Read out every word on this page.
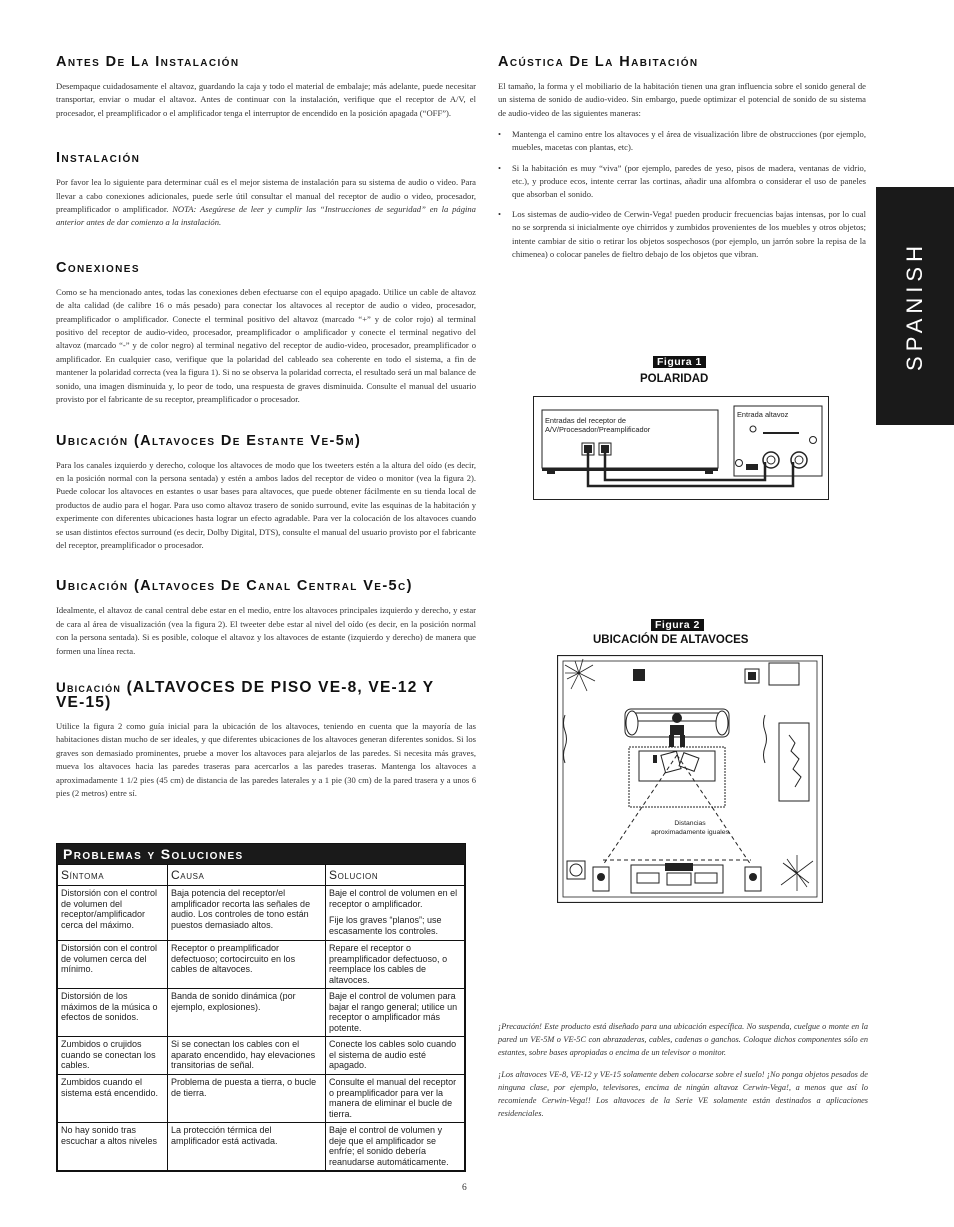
Antes De La Instalación

Desempaque cuidadosamente el altavoz, guardando la caja y todo el material de embalaje; más adelante, puede necesitar transportar, enviar o mudar el altavoz. Antes de continuar con la instalación, verifique que el receptor de A/V, el procesador, el preamplificador o el amplificador tenga el interruptor de encendido en la posición apagada (“OFF”).

Instalación

Por favor lea lo siguiente para determinar cuál es el mejor sistema de instalación para su sistema de audio o video. Para llevar a cabo conexiones adicionales, puede serle útil consultar el manual del receptor de audio o video, procesador, preamplificador o amplificador. NOTA: Asegúrese de leer y cumplir las “Instrucciones de seguridad” en la página anterior antes de dar comienzo a la instalación.

Conexiones

Como se ha mencionado antes, todas las conexiones deben efectuarse con el equipo apagado. Utilice un cable de altavoz de alta calidad (de calibre 16 o más pesado) para conectar los altavoces al receptor de audio o video, procesador, preamplificador o amplificador. Conecte el terminal positivo del altavoz (marcado “+” y de color rojo) al terminal positivo del receptor de audio-video, procesador, preamplificador o amplificador y conecte el terminal negativo del altavoz (marcado “-” y de color negro) al terminal negativo del receptor de audio-video, procesador, preamplificador o amplificador. En cualquier caso, verifique que la polaridad del cableado sea coherente en todo el sistema, a fin de mantener la polaridad correcta (vea la figura 1). Si no se observa la polaridad correcta, el resultado será un mal balance de sonido, una imagen disminuida y, lo peor de todo, una respuesta de graves disminuida. Consulte el manual del usuario provisto por el fabricante de su receptor, preamplificador o procesador.

Ubicación (Altavoces De Estante Ve-5m)

Para los canales izquierdo y derecho, coloque los altavoces de modo que los tweeters estén a la altura del oído (es decir, en la posición normal con la persona sentada) y estén a ambos lados del receptor de video o monitor (vea la figura 2). Puede colocar los altavoces en estantes o usar bases para altavoces, que puede obtener fácilmente en su tienda local de productos de audio para el hogar. Para uso como altavoz trasero de sonido surround, evite las esquinas de la habitación y experimente con diferentes ubicaciones hasta lograr un efecto agradable. Para ver la colocación de los altavoces cuando se usan distintos efectos surround (es decir, Dolby Digital, DTS), consulte el manual del usuario provisto por el fabricante del receptor, preamplificador o procesador.

Ubicación (Altavoces De Canal Central Ve-5c)

Idealmente, el altavoz de canal central debe estar en el medio, entre los altavoces principales izquierdo y derecho, y estar de cara al área de visualización (vea la figura 2). El tweeter debe estar al nivel del oído (es decir, en la posición normal con la persona sentada). Si es posible, coloque el altavoz y los altavoces de estante (izquierdo y derecho) de manera que formen una línea recta.

Ubicación (ALTAVOCES DE PISO VE-8, VE-12 Y
VE-15)

Utilice la figura 2 como guía inicial para la ubicación de los altavoces, teniendo en cuenta que la mayoría de las habitaciones distan mucho de ser ideales, y que diferentes ubicaciones de los altavoces generan diferentes sonidos. Si los graves son demasiado prominentes, pruebe a mover los altavoces para alejarlos de las paredes. Si necesita más graves, mueva los altavoces hacia las paredes traseras para acercarlos a las paredes traseras. Mantenga los altavoces a aproximadamente 1 1/2 pies (45 cm) de distancia de las paredes laterales y a 1 pie (30 cm) de la pared trasera y a unos 6 pies (2 metros) entre sí.

Problemas y Soluciones
Síntoma	Causa	Solucion
Distorsión con el control de volumen del receptor/amplificador cerca del máximo.	Baja potencia del receptor/el amplificador recorta las señales de audio. Los controles de tono están puestos demasiado altos.	Baje el control de volumen en el receptor o amplificador.

Fije los graves “planos”; use escasamente los controles.

Distorsión con el control de volumen cerca del mínimo.	Receptor o preamplificador defectuoso; cortocircuito en los cables de altavoces.	Repare el receptor o preamplificador defectuoso, o reemplace los cables de altavoces.
Distorsión de los máximos de la música o efectos de sonidos.	Banda de sonido dinámica (por ejemplo, explosiones).	Baje el control de volumen para bajar el rango general; utilice un receptor o amplificador más potente.
Zumbidos o crujidos cuando se conectan los cables.	Si se conectan los cables con el aparato encendido, hay elevaciones transitorias de señal.	Conecte los cables solo cuando el sistema de audio esté apagado.
Zumbidos cuando el sistema está encendido.	Problema de puesta a tierra, o bucle de tierra.	Consulte el manual del receptor o preamplificador para ver la manera de eliminar el bucle de tierra.
No hay sonido tras escuchar a altos niveles	La protección térmica del amplificador está activada.	Baje el control de volumen y deje que el amplificador se enfríe; el sonido debería reanudarse automáticamente.
Acústica De La Habitación

El tamaño, la forma y el mobiliario de la habitación tienen una gran influencia sobre el sonido general de un sistema de sonido de audio-video. Sin embargo, puede optimizar el potencial de sonido de su sistema de audio-video de las siguientes maneras:

• Mantenga el camino entre los altavoces y el área de visualización libre de obstrucciones (por ejemplo, muebles, macetas con plantas, etc).
• Si la habitación es muy “viva” (por ejemplo, paredes de yeso, pisos de madera, ventanas de vidrio, etc.), y produce ecos, intente cerrar las cortinas, añadir una alfombra o considerar el uso de paneles que absorban el sonido.
• Los sistemas de audio-video de Cerwin-Vega! pueden producir frecuencias bajas intensas, por lo cual no se sorprenda si inicialmente oye chirridos y zumbidos provenientes de los muebles y otros objetos; intente cambiar de sitio o retirar los objetos sospechosos (por ejemplo, un jarrón sobre la repisa de la chimenea) o colocar paneles de fieltro debajo de los objetos que vibran.	SPANISH
Figura 1
POLARIDAD
Entradas del receptor de
A/V/Procesador/Preamplificador
Entrada altavoz
Figura 2
UBICACIÓN DE ALTAVOCES
Distancias
aproximadamente iguales

¡Precaución! Este producto está diseñado para una ubicación específica. No suspenda, cuelgue o monte en la pared un VE-5M o VE-5C con abrazaderas, cables, cadenas o ganchos. Coloque dichos componentes sólo en estantes, sobre bases apropiadas o encima de un televisor o monitor.

¡Los altavoces VE-8, VE-12 y VE-15 solamente deben colocarse sobre el suelo! ¡No ponga objetos pesados de ninguna clase, por ejemplo, televisores, encima de ningún altavoz Cerwin-Vega!, a menos que así lo recomiende Cerwin-Vega!! Los altavoces de la Serie VE solamente están destinados a aplicaciones residenciales.

6
